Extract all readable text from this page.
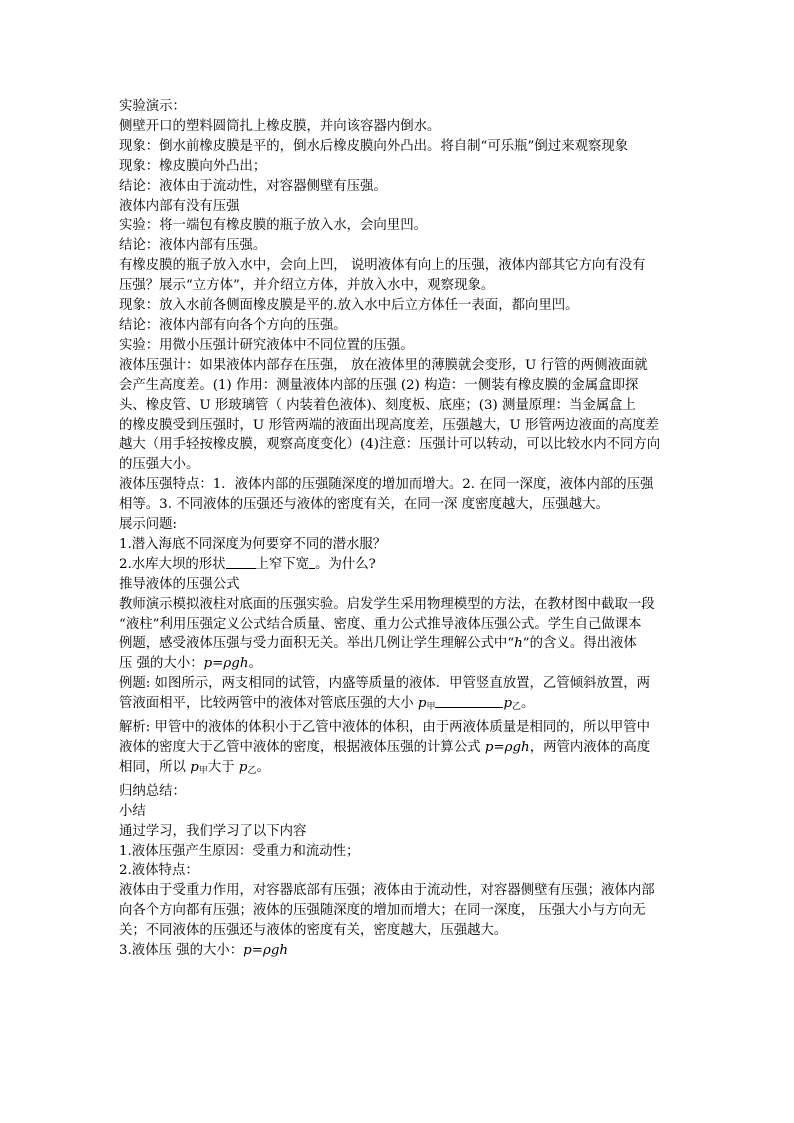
实验演示：

侧壁开口的塑料圆筒扎上橡皮膜，并向该容器内倒水。

现象：倒水前橡皮膜是平的，倒水后橡皮膜向外凸出。将自制“可乐瓶”倒过来观察现象

现象：橡皮膜向外凸出；

结论：液体由于流动性，对容器侧壁有压强。

液体内部有没有压强

实验：将一端包有橡皮膜的瓶子放入水，会向里凹。

结论：液体内部有压强。

有橡皮膜的瓶子放入水中，会向上凹， 说明液体有向上的压强，液体内部其它方向有没有

压强？展示“立方体”，并介绍立方体，并放入水中，观察现象。

现象：放入水前各侧面橡皮膜是平的.放入水中后立方体任一表面，都向里凹。

结论：液体内部有向各个方向的压强。

实验：用微小压强计研究液体中不同位置的压强。

液体压强计：如果液体内部存在压强， 放在液体里的薄膜就会变形，U 行管的两侧液面就

会产生高度差。(1) 作用：测量液体内部的压强 (2) 构造：一侧装有橡皮膜的金属盒即探

头、橡皮管、U 形玻璃管（ 内装着色液体)、刻度板、底座；(3) 测量原理：当金属盒上

的橡皮膜受到压强时，U 形管两端的液面出现高度差，压强越大，U 形管两边液面的高度差

越大（用手轻按橡皮膜，观察高度变化）(4)注意：压强计可以转动，可以比较水内不同方向

的压强大小。

液体压强特点：1．液体内部的压强随深度的增加而增大。2. 在同一深度，液体内部的压强

相等。3. 不同液体的压强还与液体的密度有关，在同一深 度密度越大，压强越大。

展示问题:

1.潜入海底不同深度为何要穿不同的潜水服？

2.水库大坝的形状 上窄下宽 。为什么?

推导液体的压强公式

教师演示模拟液柱对底面的压强实验。启发学生采用物理模型的方法，在教材图中截取一段

“液柱”利用压强定义公式结合质量、密度、重力公式推导液体压强公式。学生自己做课本

例题，感受液体压强与受力面积无关。举出几例让学生理解公式中“h”的含义。得出液体

压 强的大小：p=ρgh。

例题: 如图所示，两支相同的试管，内盛等质量的液体．甲管竖直放置，乙管倾斜放置，两

管液面相平，比较两管中的液体对管底压强的大小 $p_甲$	$p_乙$。

解析: 甲管中的液体的体积小于乙管中液体的体积，由于两液体质量是相同的，所以甲管中

液体的密度大于乙管中液体的密度，根据液体压强的计算公式 p=ρgh，两管内液体的高度

相同，所以 $p_甲$大于 $p_乙$。

归纳总结：

小结

通过学习，我们学习了以下内容

1.液体压强产生原因：受重力和流动性；

2.液体特点：

液体由于受重力作用，对容器底部有压强；液体由于流动性，对容器侧壁有压强；液体内部

向各个方向都有压强；液体的压强随深度的增加而增大；在同一深度， 压强大小与方向无

关；不同液体的压强还与液体的密度有关，密度越大，压强越大。

3.液体压 强的大小：p=ρgh
